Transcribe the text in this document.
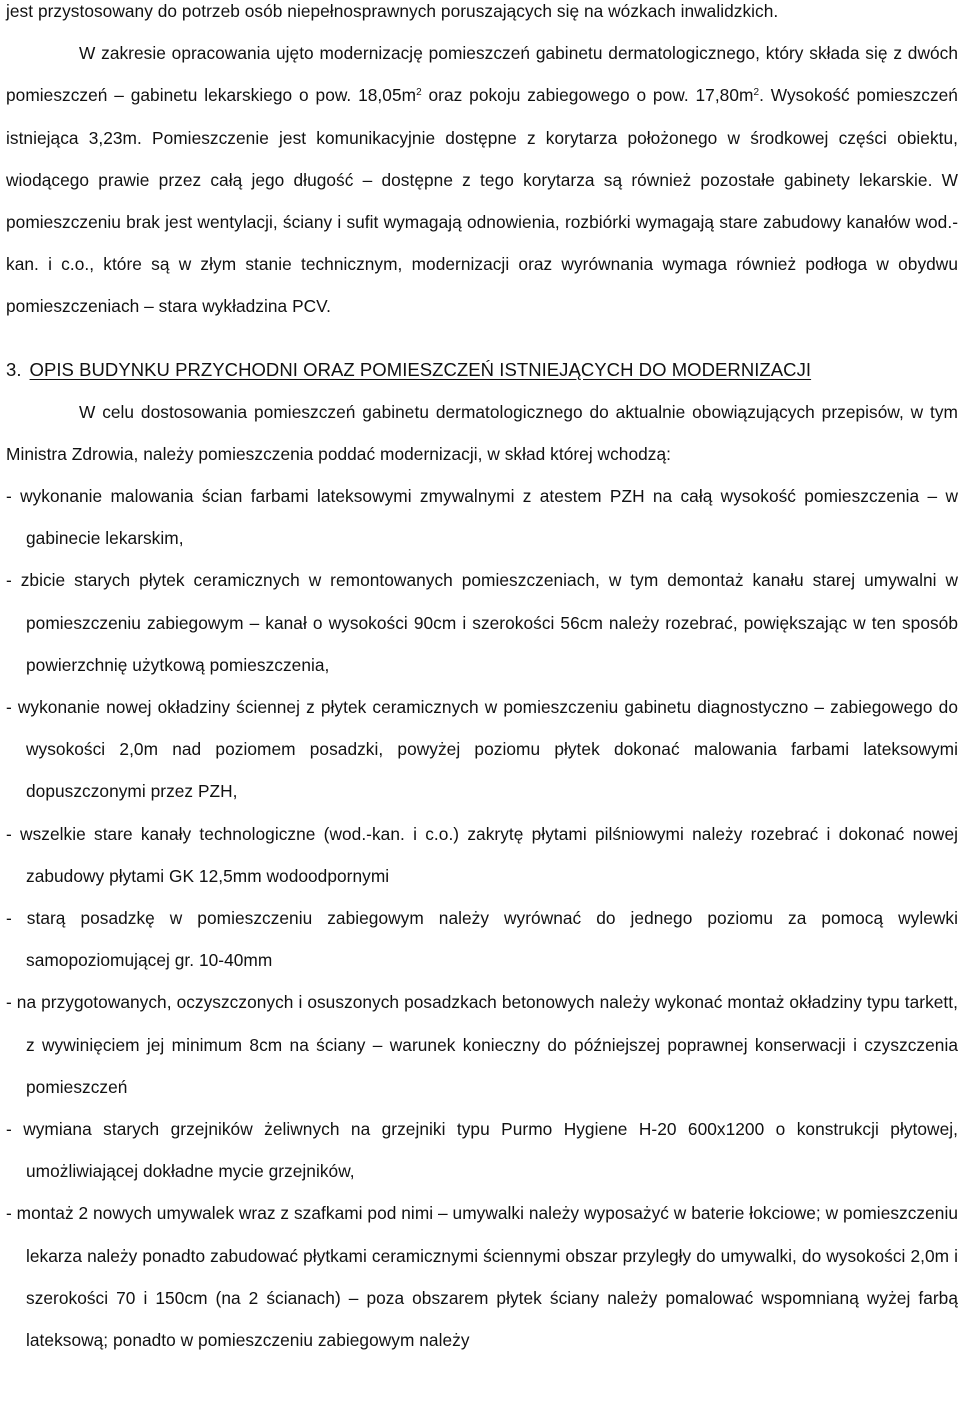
jest przystosowany do potrzeb osób niepełnosprawnych poruszających się na wózkach inwalidzkich.

W zakresie opracowania ujęto modernizację pomieszczeń gabinetu dermatologicznego, który składa się z dwóch pomieszczeń – gabinetu lekarskiego o pow. $18,05m^2$ oraz pokoju zabiegowego o pow. $17,80m^2$. Wysokość pomieszczeń istniejąca 3,23m. Pomieszczenie jest komunikacyjnie dostępne z korytarza położonego w środkowej części obiektu, wiodącego prawie przez całą jego długość – dostępne z tego korytarza są również pozostałe gabinety lekarskie. W pomieszczeniu brak jest wentylacji, ściany i sufit wymagają odnowienia, rozbiórki wymagają stare zabudowy kanałów wod.-kan. i c.o., które są w złym stanie technicznym, modernizacji oraz wyrównania wymaga również podłoga w obydwu pomieszczeniach – stara wykładzina PCV.

3. OPIS BUDYNKU PRZYCHODNI ORAZ POMIESZCZEŃ ISTNIEJĄCYCH DO MODERNIZACJI

W celu dostosowania pomieszczeń gabinetu dermatologicznego do aktualnie obowiązujących przepisów, w tym Ministra Zdrowia, należy pomieszczenia poddać modernizacji, w skład której wchodzą:

- wykonanie malowania ścian farbami lateksowymi zmywalnymi z atestem PZH na całą wysokość pomieszczenia – w gabinecie lekarskim,

- zbicie starych płytek ceramicznych w remontowanych pomieszczeniach, w tym demontaż kanału starej umywalni w pomieszczeniu zabiegowym – kanał o wysokości 90cm i szerokości 56cm należy rozebrać, powiększając w ten sposób powierzchnię użytkową pomieszczenia,

- wykonanie nowej okładziny ściennej z płytek ceramicznych w pomieszczeniu gabinetu diagnostyczno – zabiegowego do wysokości 2,0m nad poziomem posadzki, powyżej poziomu płytek dokonać malowania farbami lateksowymi dopuszczonymi przez PZH,

- wszelkie stare kanały technologiczne (wod.-kan. i c.o.) zakrytę płytami pilśniowymi należy rozebrać i dokonać nowej zabudowy płytami GK 12,5mm wodoodpornymi

- starą posadzkę w pomieszczeniu zabiegowym należy wyrównać do jednego poziomu za pomocą wylewki samopoziomującej gr. 10-40mm

- na przygotowanych, oczyszczonych i osuszonych posadzkach betonowych należy wykonać montaż okładziny typu tarkett, z wywinięciem jej minimum 8cm na ściany – warunek konieczny do późniejszej poprawnej konserwacji i czyszczenia pomieszczeń

- wymiana starych grzejników żeliwnych na grzejniki typu Purmo Hygiene H-20 600x1200 o konstrukcji płytowej, umożliwiającej dokładne mycie grzejników,

- montaż 2 nowych umywalek wraz z szafkami pod nimi – umywalki należy wyposażyć w baterie łokciowe; w pomieszczeniu lekarza należy ponadto zabudować płytkami ceramicznymi ściennymi obszar przyległy do umywalki, do wysokości 2,0m i szerokości 70 i 150cm (na 2 ścianach) – poza obszarem płytek ściany należy pomalować wspomnianą wyżej farbą lateksową; ponadto w pomieszczeniu zabiegowym należy
